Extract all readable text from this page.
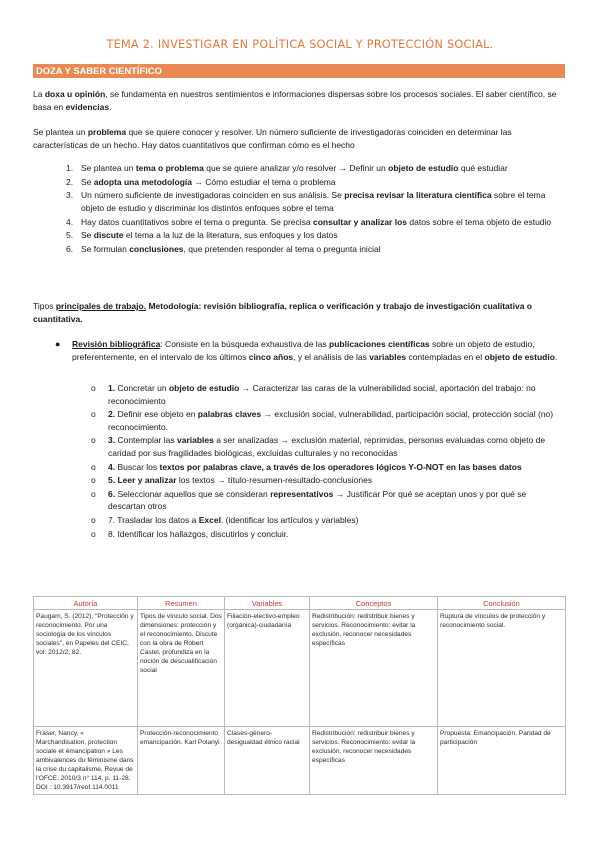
TEMA 2. INVESTIGAR EN POLÍTICA SOCIAL Y PROTECCIÓN SOCIAL.
DOZA Y SABER CIENTÍFICO
La doxa u opinión, se fundamenta en nuestros sentimientos e informaciones dispersas sobre los procesos sociales. El saber científico, se basa en evidencias.
Se plantea un problema que se quiere conocer y resolver. Un número suficiente de investigadoras coinciden en determinar las características de un hecho. Hay datos cuantitativos que confirman cómo es el hecho
1. Se plantea un tema o problema que se quiere analizar y/o resolver → Definir un objeto de estudio qué estudiar
2. Se adopta una metodología → Cómo estudiar el tema o problema
3. Un número suficiente de investigadoras coinciden en sus análisis. Se precisa revisar la literatura científica sobre el tema objeto de estudio y discriminar los distintos enfoques sobre el tema
4. Hay datos cuantitativos sobre el tema o pregunta. Se precisa consultar y analizar los datos sobre el tema objeto de estudio
5. Se discute el tema a la luz de la literatura, sus enfoques y los datos
6. Se formulan conclusiones, que pretenden responder al tema o pregunta inicial
Tipos principales de trabajo. Metodología: revisión bibliografía, replica o verificación y trabajo de investigación cualitativa o cuantitativa.
● Revisión bibliográfica: Consiste en la búsqueda exhaustiva de las publicaciones científicas sobre un objeto de estudio, preferentemente, en el intervalo de los últimos cinco años, y el análisis de las variables contempladas en el objeto de estudio.
o 1. Concretar un objeto de estudio → Caracterizar las caras de la vulnerabilidad social, aportación del trabajo: no reconocimiento
o 2. Definir ese objeto en palabras claves → exclusión social, vulnerabilidad, participación social, protección social (no) reconocimiento.
o 3. Contemplar las variables a ser analizadas → exclusión material, reprimidas, personas evaluadas como objeto de caridad por sus fragilidades biológicas, excluidas culturales y no reconocidas
o 4. Buscar los textos por palabras clave, a través de los operadores lógicos Y-O-NOT en las bases datos
o 5. Leer y analizar los textos → título-resumen-resultado-conclusiones
o 6. Seleccionar aquellos que se consideran representativos → Justificar Por qué se aceptan unos y por qué se descartan otros
o 7. Trasladar los datos a Excel. (identificar los artículos y variables)
o 8. Identificar los hallazgos, discutirlos y concluir.
Autoría	Resumen	Variables	Conceptos	Conclusión
Paugam, S. (2012), "Protección y reconocimiento. Por una sociología de los vínculos sociales", en Papeles del CEIC, vol. 2012/2, 82.	Tipos de vínculo social. Dos dimensiones: protección y el reconocimiento. Discute con la obra de Robert Castel, profundiza en la noción de descualificación social	Filiación-electivo-empleo (orgánica)-ciudadanía	Redistribución: redistribuir bienes y servicios. Reconocimiento: evitar la exclusión, reconocer necesidades específicas	Ruptura de vínculos de protección y reconocimiento social.
Fraser, Nancy, « Marchandisation, protection sociale et émancipation » Les ambivalences du féminisme dans la crise du capitalisme, Revue de l'OFCE, 2010/3 n° 114, p. 11-28. DOI : 10.3917/reof.114.0011	Protección-reconocimiento emancipación. Karl Polanyi	Clases-género-desigualdad étnico racial	Redistribución: redistribuir bienes y servicios. Reconocimiento: evitar la exclusión, reconocer necesidades específicas	Propuesta: Emancipación. Paridad de participación
